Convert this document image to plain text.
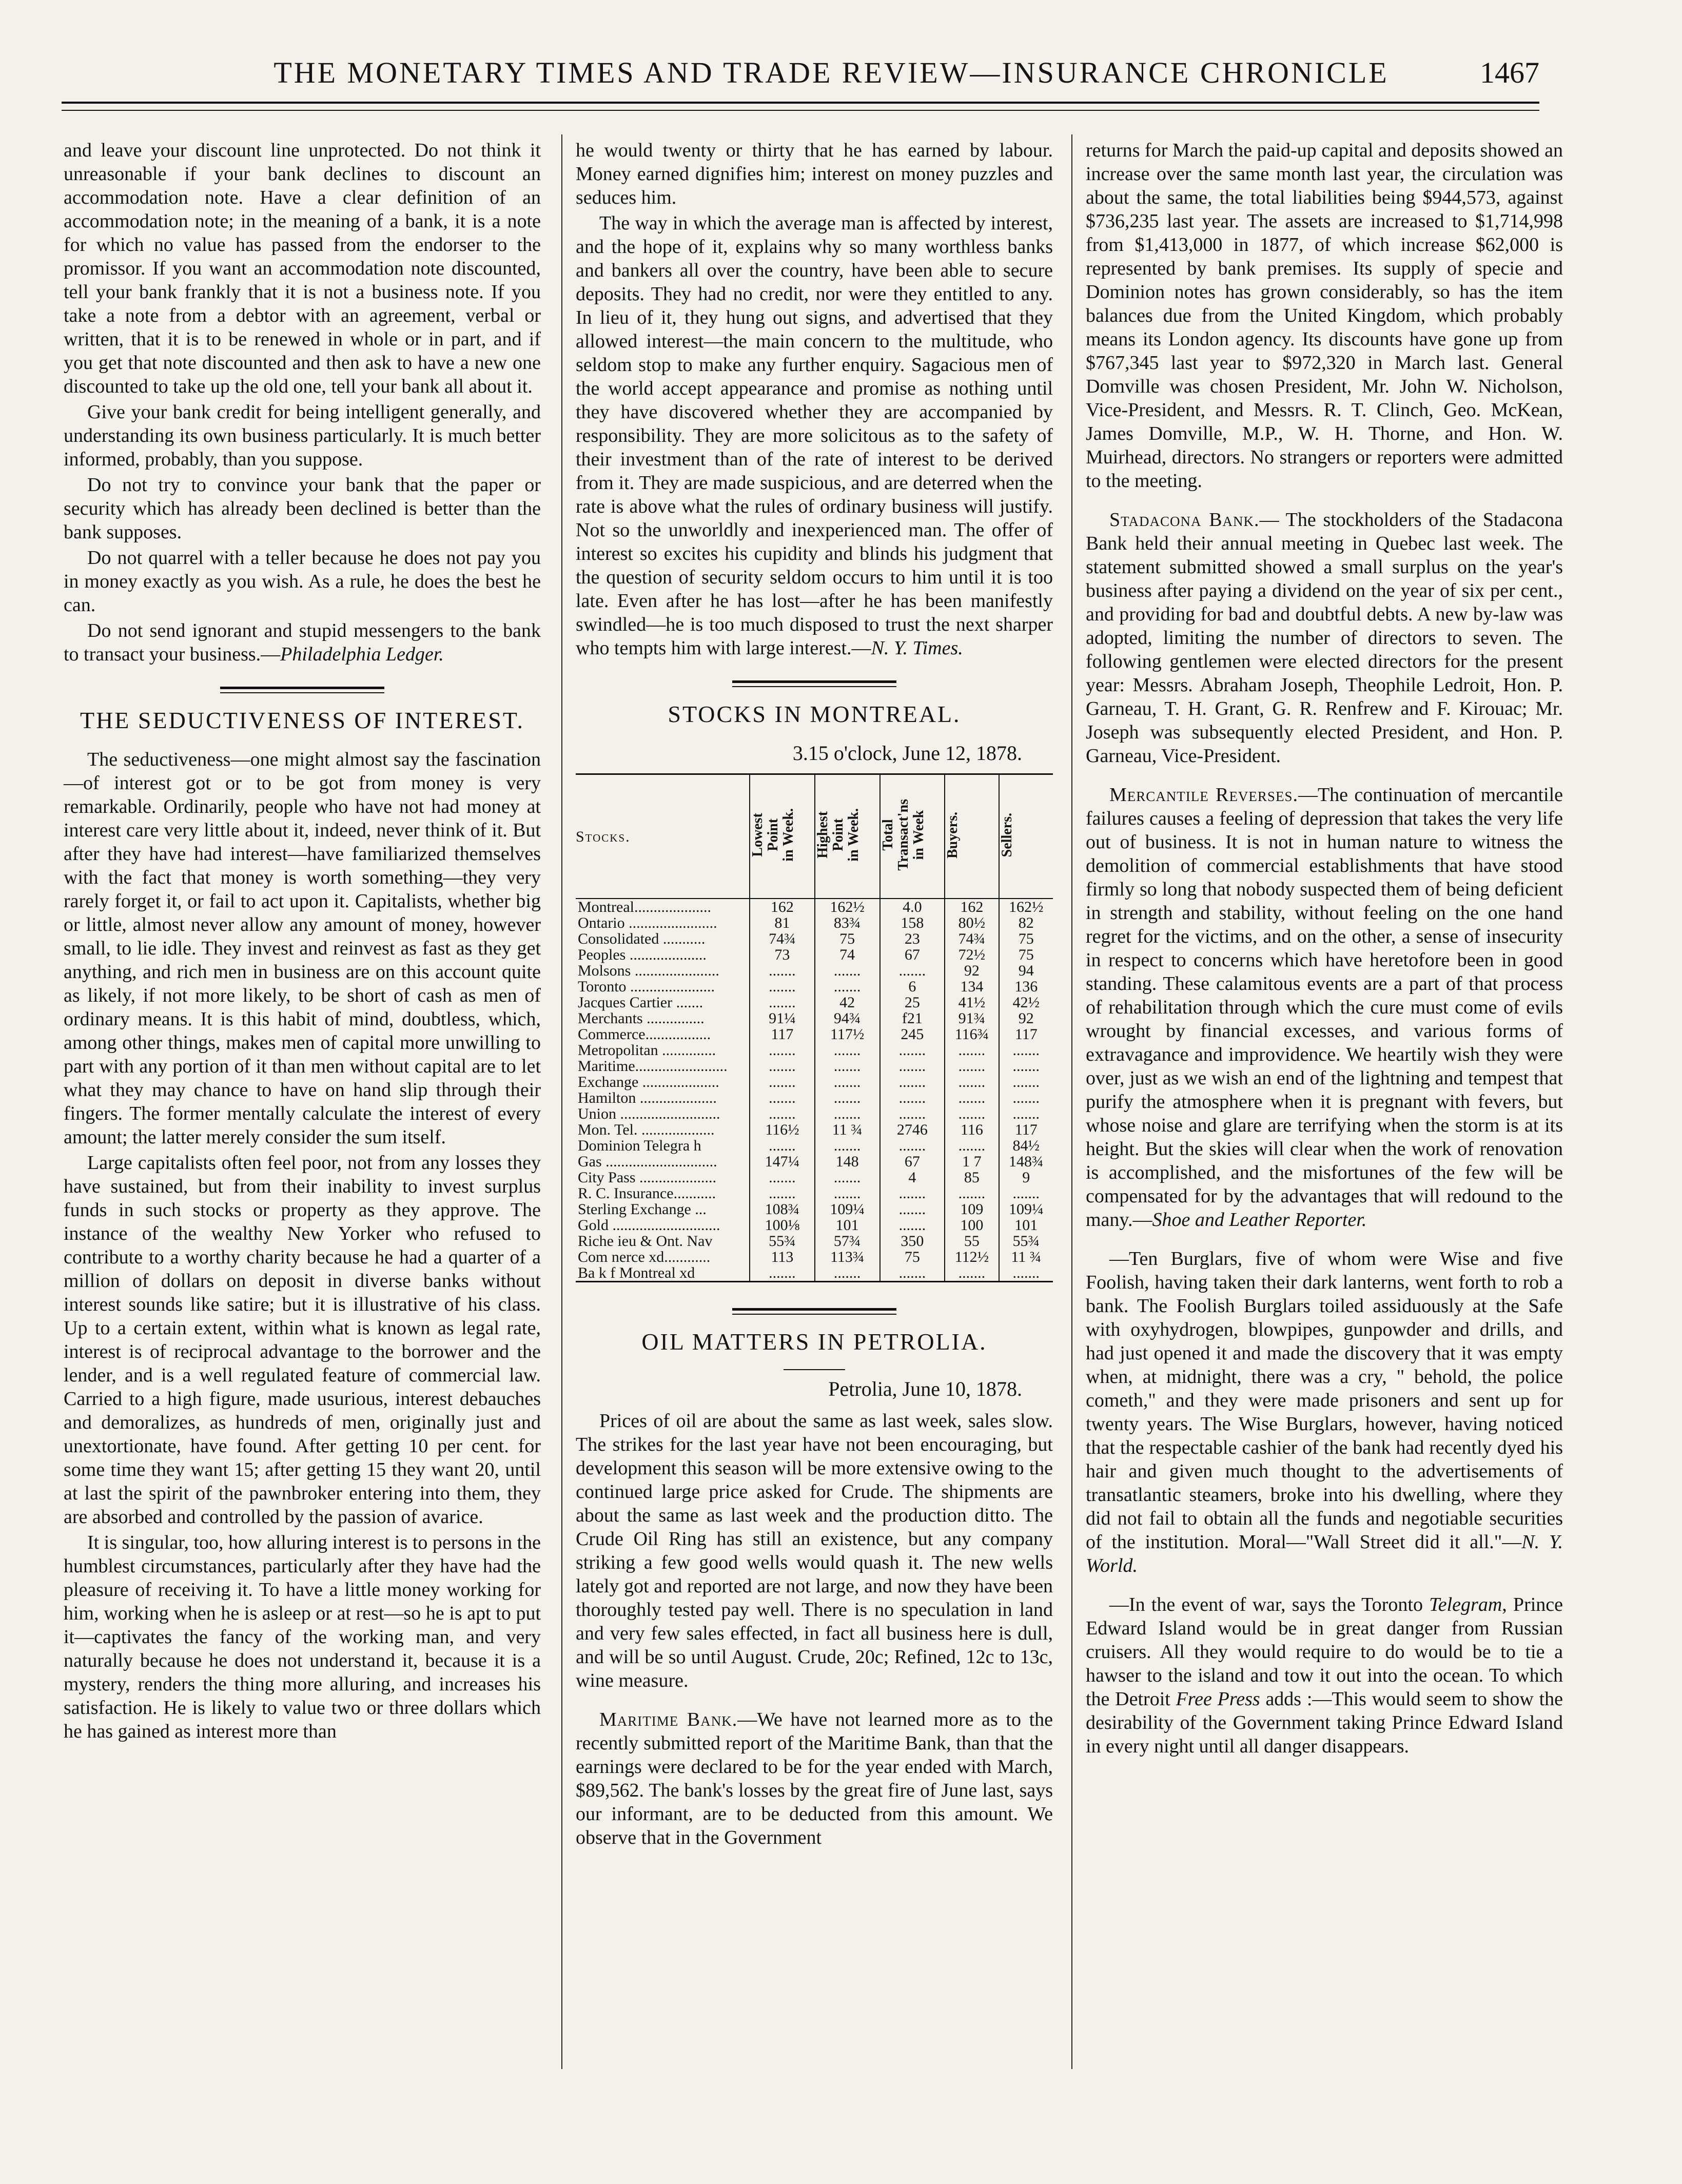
THE MONETARY TIMES AND TRADE REVIEW—INSURANCE CHRONICLE	1467

and leave your discount line unprotected. Do not think it unreasonable if your bank declines to discount an accommodation note. Have a clear definition of an accommodation note; in the meaning of a bank, it is a note for which no value has passed from the endorser to the promissor. If you want an accommodation note discounted, tell your bank frankly that it is not a business note. If you take a note from a debtor with an agreement, verbal or written, that it is to be renewed in whole or in part, and if you get that note discounted and then ask to have a new one discounted to take up the old one, tell your bank all about it.

Give your bank credit for being intelligent generally, and understanding its own business particularly. It is much better informed, probably, than you suppose.

Do not try to convince your bank that the paper or security which has already been declined is better than the bank supposes.

Do not quarrel with a teller because he does not pay you in money exactly as you wish. As a rule, he does the best he can.

Do not send ignorant and stupid messengers to the bank to transact your business.—Philadelphia Ledger.

THE SEDUCTIVENESS OF INTEREST.

The seductiveness—one might almost say the fascination—of interest got or to be got from money is very remarkable. Ordinarily, people who have not had money at interest care very little about it, indeed, never think of it. But after they have had interest—have familiarized themselves with the fact that money is worth something—they very rarely forget it, or fail to act upon it. Capitalists, whether big or little, almost never allow any amount of money, however small, to lie idle. They invest and reinvest as fast as they get anything, and rich men in business are on this account quite as likely, if not more likely, to be short of cash as men of ordinary means. It is this habit of mind, doubtless, which, among other things, makes men of capital more unwilling to part with any portion of it than men without capital are to let what they may chance to have on hand slip through their fingers. The former mentally calculate the interest of every amount; the latter merely consider the sum itself.

Large capitalists often feel poor, not from any losses they have sustained, but from their inability to invest surplus funds in such stocks or property as they approve. The instance of the wealthy New Yorker who refused to contribute to a worthy charity because he had a quarter of a million of dollars on deposit in diverse banks without interest sounds like satire; but it is illustrative of his class. Up to a certain extent, within what is known as legal rate, interest is of reciprocal advantage to the borrower and the lender, and is a well regulated feature of commercial law. Carried to a high figure, made usurious, interest debauches and demoralizes, as hundreds of men, originally just and unextortionate, have found. After getting 10 per cent. for some time they want 15; after getting 15 they want 20, until at last the spirit of the pawnbroker entering into them, they are absorbed and controlled by the passion of avarice.

It is singular, too, how alluring interest is to persons in the humblest circumstances, particularly after they have had the pleasure of receiving it. To have a little money working for him, working when he is asleep or at rest—so he is apt to put it—captivates the fancy of the working man, and very naturally because he does not understand it, because it is a mystery, renders the thing more alluring, and increases his satisfaction. He is likely to value two or three dollars which he has gained as interest more than

he would twenty or thirty that he has earned by labour. Money earned dignifies him; interest on money puzzles and seduces him.

The way in which the average man is affected by interest, and the hope of it, explains why so many worthless banks and bankers all over the country, have been able to secure deposits. They had no credit, nor were they entitled to any. In lieu of it, they hung out signs, and advertised that they allowed interest—the main concern to the multitude, who seldom stop to make any further enquiry. Sagacious men of the world accept appearance and promise as nothing until they have discovered whether they are accompanied by responsibility. They are more solicitous as to the safety of their investment than of the rate of interest to be derived from it. They are made suspicious, and are deterred when the rate is above what the rules of ordinary business will justify. Not so the unworldly and inexperienced man. The offer of interest so excites his cupidity and blinds his judgment that the question of security seldom occurs to him until it is too late. Even after he has lost—after he has been manifestly swindled—he is too much disposed to trust the next sharper who tempts him with large interest.—N. Y. Times.

STOCKS IN MONTREAL.
3.15 o'clock, June 12, 1878.
Stocks.	Lowest
Point
in Week.	Highest
Point
in Week.	Total
Transact'ns
in Week	Buyers.	Sellers.
Montreal....................	162	162½	4.0	162	162½
Ontario .......................	81	83¾	158	80½	82
Consolidated ...........	74¾	75	23	74¾	75
Peoples ....................	73	74	67	72½	75
Molsons ......................	.......	.......	.......	92	94
Toronto ......................	.......	.......	6	134	136
Jacques Cartier .......	.......	42	25	41½	42½
Merchants ...............	91¼	94¾	f21	91¾	92
Commerce.................	117	117½	245	116¾	117
Metropolitan ..............	.......	.......	.......	.......	.......
Maritime........................	.......	.......	.......	.......	.......
Exchange ....................	.......	.......	.......	.......	.......
Hamilton ....................	.......	.......	.......	.......	.......
Union ..........................	.......	.......	.......	.......	.......
Mon. Tel. ...................	116½	11 ¾	2746	116	117
Dominion Telegra h	.......	.......	.......	.......	84½
Gas .............................	147¼	148	67	1 7	148¾
City Pass ....................	.......	.......	4	85	9
R. C. Insurance...........	.......	.......	.......	.......	.......
Sterling Exchange ...	108¾	109¼	.......	109	109¼
Gold ............................	100⅛	101	.......	100	101
Riche ieu & Ont. Nav	55¾	57¾	350	55	55¾
Com nerce xd............	113	113¾	75	112½	11 ¾
Ba k f Montreal xd	.......	.......	.......	.......	.......
OIL MATTERS IN PETROLIA.
Petrolia, June 10, 1878.

Prices of oil are about the same as last week, sales slow. The strikes for the last year have not been encouraging, but development this season will be more extensive owing to the continued large price asked for Crude. The shipments are about the same as last week and the production ditto. The Crude Oil Ring has still an existence, but any company striking a few good wells would quash it. The new wells lately got and reported are not large, and now they have been thoroughly tested pay well. There is no speculation in land and very few sales effected, in fact all business here is dull, and will be so until August. Crude, 20c; Refined, 12c to 13c, wine measure.

Maritime Bank.—We have not learned more as to the recently submitted report of the Maritime Bank, than that the earnings were declared to be for the year ended with March, $89,562. The bank's losses by the great fire of June last, says our informant, are to be deducted from this amount. We observe that in the Government

returns for March the paid-up capital and deposits showed an increase over the same month last year, the circulation was about the same, the total liabilities being $944,573, against $736,235 last year. The assets are increased to $1,714,998 from $1,413,000 in 1877, of which increase $62,000 is represented by bank premises. Its supply of specie and Dominion notes has grown considerably, so has the item balances due from the United Kingdom, which probably means its London agency. Its discounts have gone up from $767,345 last year to $972,320 in March last. General Domville was chosen President, Mr. John W. Nicholson, Vice-President, and Messrs. R. T. Clinch, Geo. McKean, James Domville, M.P., W. H. Thorne, and Hon. W. Muirhead, directors. No strangers or reporters were admitted to the meeting.

Stadacona Bank.— The stockholders of the Stadacona Bank held their annual meeting in Quebec last week. The statement submitted showed a small surplus on the year's business after paying a dividend on the year of six per cent., and providing for bad and doubtful debts. A new by-law was adopted, limiting the number of directors to seven. The following gentlemen were elected directors for the present year: Messrs. Abraham Joseph, Theophile Ledroit, Hon. P. Garneau, T. H. Grant, G. R. Renfrew and F. Kirouac; Mr. Joseph was subsequently elected President, and Hon. P. Garneau, Vice-President.

Mercantile Reverses.—The continuation of mercantile failures causes a feeling of depression that takes the very life out of business. It is not in human nature to witness the demolition of commercial establishments that have stood firmly so long that nobody suspected them of being deficient in strength and stability, without feeling on the one hand regret for the victims, and on the other, a sense of insecurity in respect to concerns which have heretofore been in good standing. These calamitous events are a part of that process of rehabilitation through which the cure must come of evils wrought by financial excesses, and various forms of extravagance and improvidence. We heartily wish they were over, just as we wish an end of the lightning and tempest that purify the atmosphere when it is pregnant with fevers, but whose noise and glare are terrifying when the storm is at its height. But the skies will clear when the work of renovation is accomplished, and the misfortunes of the few will be compensated for by the advantages that will redound to the many.—Shoe and Leather Reporter.

—Ten Burglars, five of whom were Wise and five Foolish, having taken their dark lanterns, went forth to rob a bank. The Foolish Burglars toiled assiduously at the Safe with oxyhydrogen, blowpipes, gunpowder and drills, and had just opened it and made the discovery that it was empty when, at midnight, there was a cry, " behold, the police cometh," and they were made prisoners and sent up for twenty years. The Wise Burglars, however, having noticed that the respectable cashier of the bank had recently dyed his hair and given much thought to the advertisements of transatlantic steamers, broke into his dwelling, where they did not fail to obtain all the funds and negotiable securities of the institution. Moral—"Wall Street did it all."—N. Y. World.

—In the event of war, says the Toronto Telegram, Prince Edward Island would be in great danger from Russian cruisers. All they would require to do would be to tie a hawser to the island and tow it out into the ocean. To which the Detroit Free Press adds :—This would seem to show the desirability of the Government taking Prince Edward Island in every night until all danger disappears.
